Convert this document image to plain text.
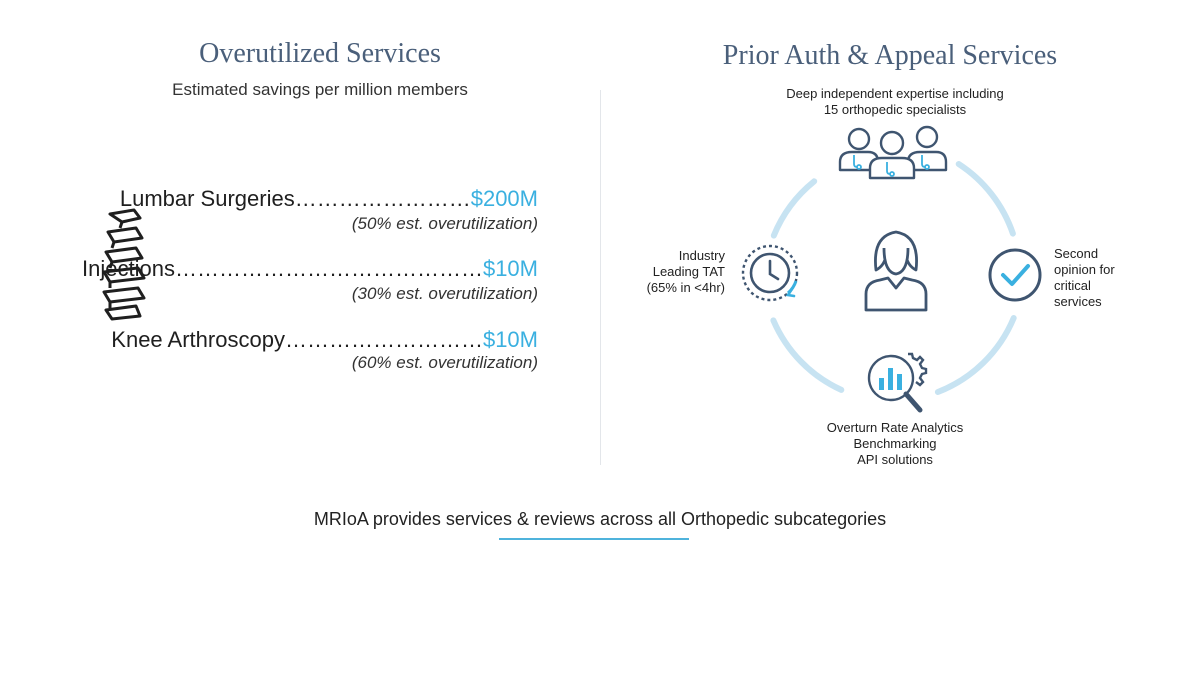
Overutilized Services
Estimated savings per million members
Lumbar Surgeries……………………$200M
(50% est. overutilization)
Injections……………………………………$10M
(30% est. overutilization)
Knee Arthroscopy………………………$10M
(60% est. overutilization)
Prior Auth & Appeal Services
Deep independent expertise including
15 orthopedic specialists
Industry
Leading TAT
(65% in <4hr)
Second
opinion for
critical
services
Overturn Rate Analytics
Benchmarking
API solutions
MRIoA provides services & reviews across all Orthopedic subcategories
